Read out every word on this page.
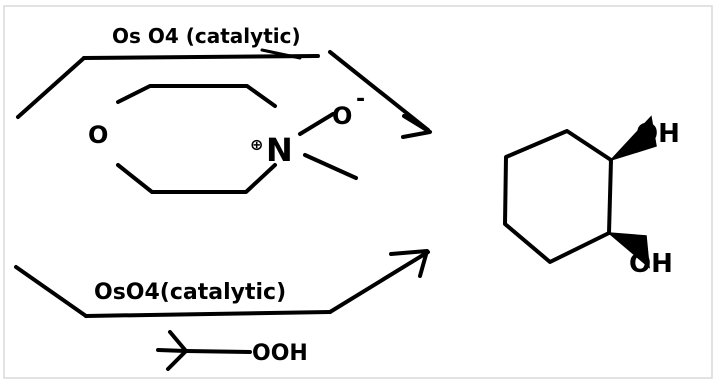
Os O4 (catalytic)
O	⊕ N
O
-
OsO4(catalytic)
OOH
OH
OH
